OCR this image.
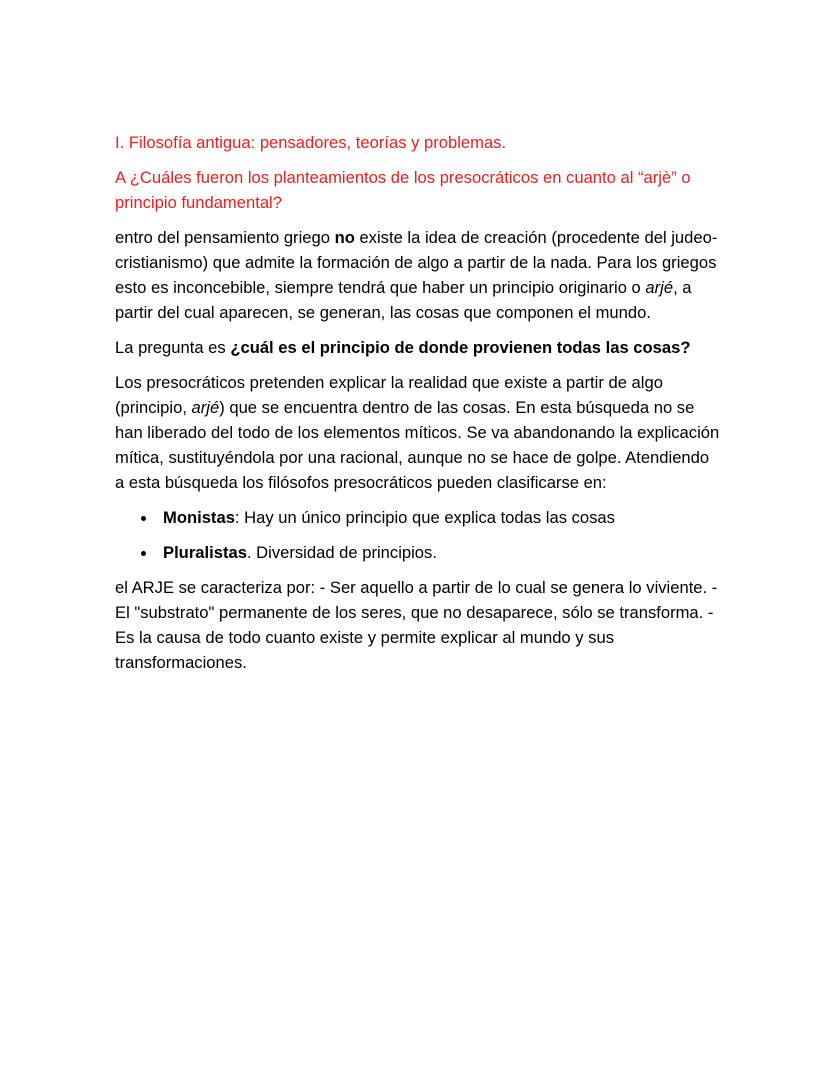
I. Filosofía antigua: pensadores, teorías y problemas.

A ¿Cuáles fueron los planteamientos de los presocráticos en cuanto al “arjè” o principio fundamental?

entro del pensamiento griego no existe la idea de creación (procedente del judeo-cristianismo) que admite la formación de algo a partir de la nada. Para los griegos esto es inconcebible, siempre tendrá que haber un principio originario o arjé, a partir del cual aparecen, se generan, las cosas que componen el mundo.

La pregunta es ¿cuál es el principio de donde provienen todas las cosas?

Los presocráticos pretenden explicar la realidad que existe a partir de algo (principio, arjé) que se encuentra dentro de las cosas. En esta búsqueda no se han liberado del todo de los elementos míticos. Se va abandonando la explicación mítica, sustituyéndola por una racional, aunque no se hace de golpe. Atendiendo a esta búsqueda los filósofos presocráticos pueden clasificarse en:

Monistas: Hay un único principio que explica todas las cosas
Pluralistas. Diversidad de principios.

el ARJE se caracteriza por: - Ser aquello a partir de lo cual se genera lo viviente. - El "substrato" permanente de los seres, que no desaparece, sólo se transforma. - Es la causa de todo cuanto existe y permite explicar al mundo y sus transformaciones.
